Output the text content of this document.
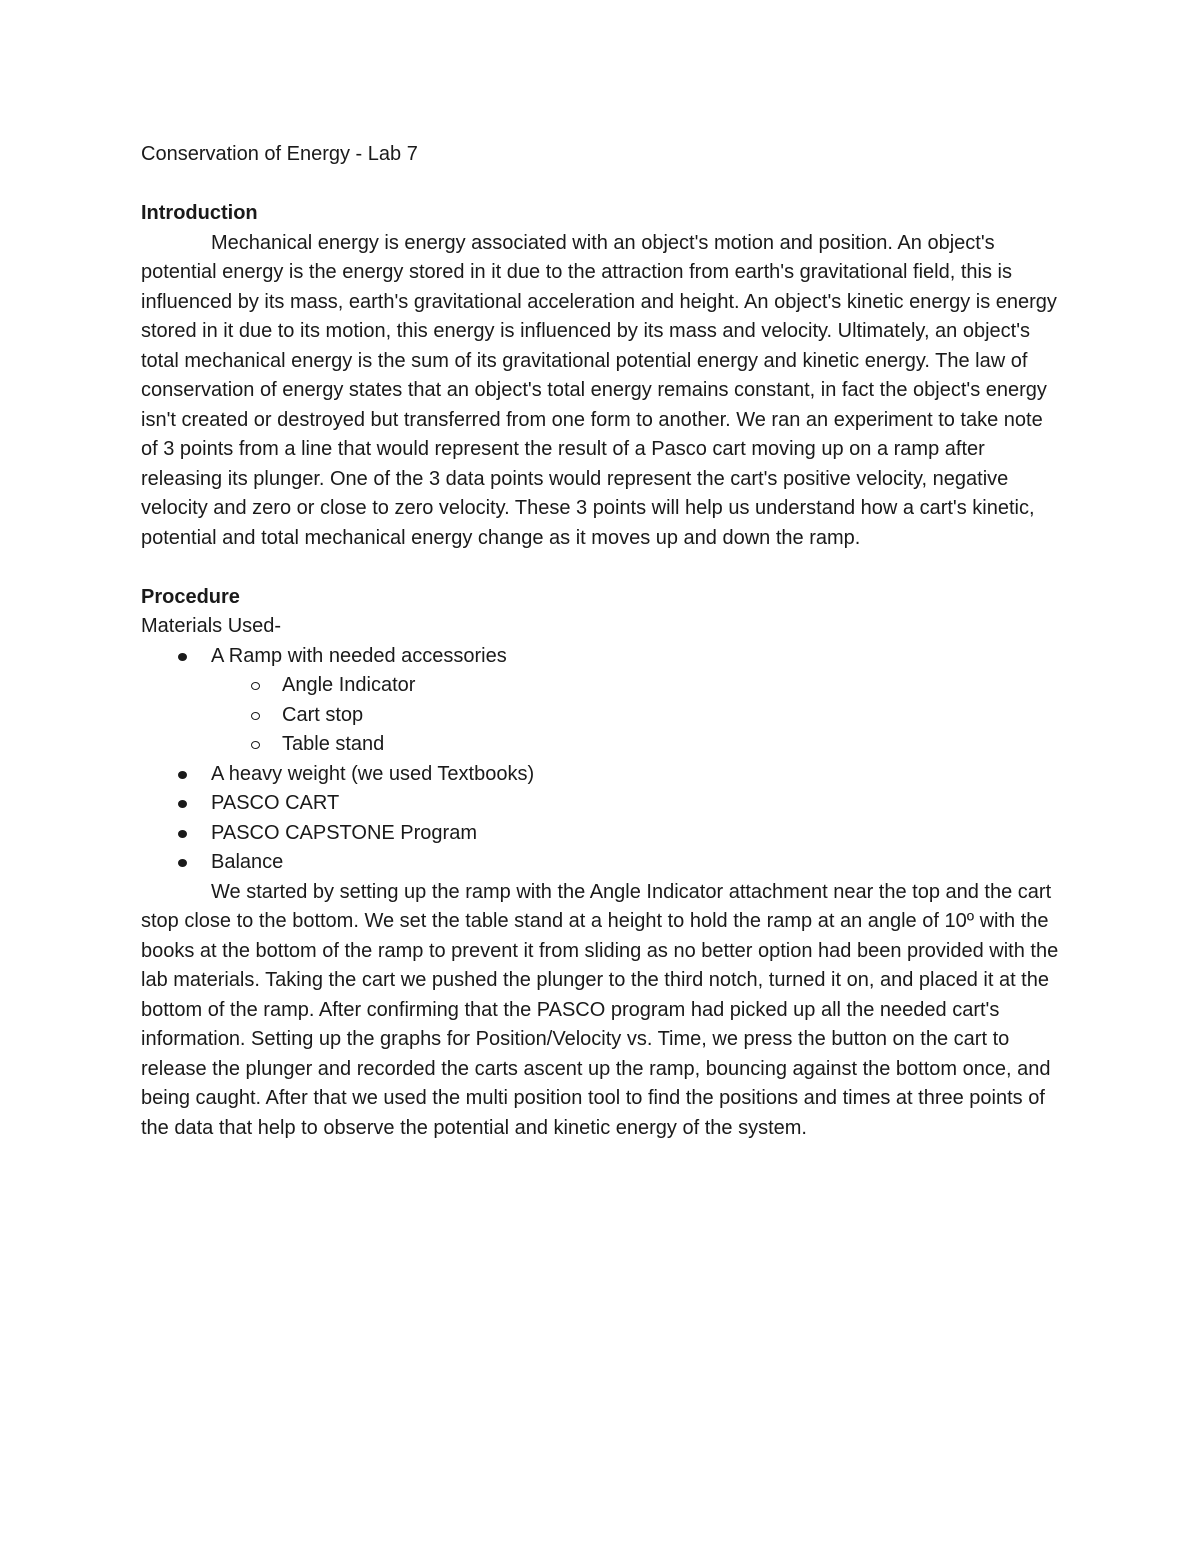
Conservation of Energy - Lab 7
Introduction

Mechanical energy is energy associated with an object's motion and position. An object's potential energy is the energy stored in it due to the attraction from earth's gravitational field, this is influenced by its mass, earth's gravitational acceleration and height. An object's kinetic energy is energy stored in it due to its motion, this energy is influenced by its mass and velocity. Ultimately, an object's total mechanical energy is the sum of its gravitational potential energy and kinetic energy. The law of conservation of energy states that an object's total energy remains constant, in fact the object's energy isn't created or destroyed but transferred from one form to another. We ran an experiment to take note of 3 points from a line that would represent the result of a Pasco cart moving up on a ramp after releasing its plunger. One of the 3 data points would represent the cart's positive velocity, negative velocity and zero or close to zero velocity. These 3 points will help us understand how a cart's kinetic, potential and total mechanical energy change as it moves up and down the ramp.

Procedure

Materials Used-

A Ramp with needed accessories
Angle Indicator
Cart stop
Table stand
A heavy weight (we used Textbooks)
PASCO CART
PASCO CAPSTONE Program
Balance

We started by setting up the ramp with the Angle Indicator attachment near the top and the cart stop close to the bottom. We set the table stand at a height to hold the ramp at an angle of 10º with the books at the bottom of the ramp to prevent it from sliding as no better option had been provided with the lab materials. Taking the cart we pushed the plunger to the third notch, turned it on, and placed it at the bottom of the ramp. After confirming that the PASCO program had picked up all the needed cart's information. Setting up the graphs for Position/Velocity vs. Time, we press the button on the cart to release the plunger and recorded the carts ascent up the ramp, bouncing against the bottom once, and being caught. After that we used the multi position tool to find the positions and times at three points of the data that help to observe the potential and kinetic energy of the system.
